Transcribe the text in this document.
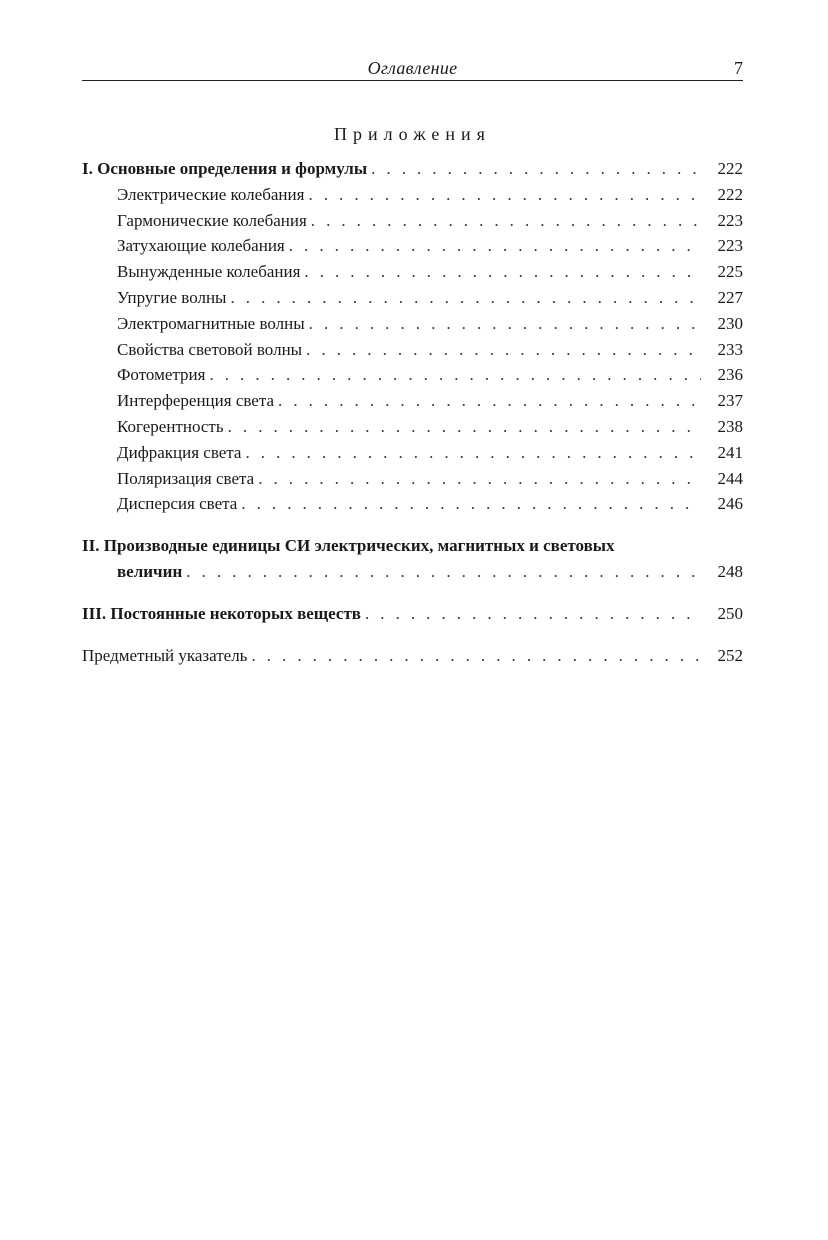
Оглавление	7
Приложения
I. Основные определения и формулы . . .	222
Электрические колебания . . .	222
Гармонические колебания . . .	223
Затухающие колебания . . .	223
Вынужденные колебания . . .	225
Упругие волны . . .	227
Электромагнитные волны . . .	230
Свойства световой волны . . .	233
Фотометрия . . .	236
Интерференция света . . .	237
Когерентность . . .	238
Дифракция света . . .	241
Поляризация света . . .	244
Дисперсия света . . .	246
II. Производные единицы СИ электрических, магнитных и световых
величин . . .	248
III. Постоянные некоторых веществ . . .	250
Предметный указатель . . .	252
